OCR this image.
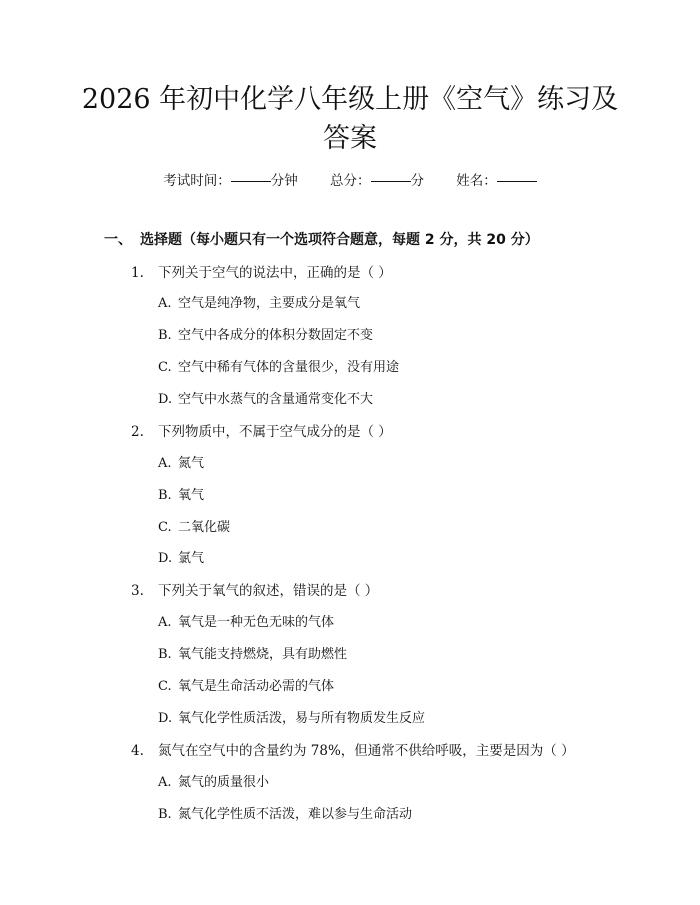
2026 年初中化学八年级上册《空气》练习及
答案
考试时间：	分钟 总分：	分 姓名：
一、 选择题（每小题只有一个选项符合题意，每题 2 分，共 20 分）
1. 下列关于空气的说法中，正确的是（ ）
A. 空气是纯净物，主要成分是氧气
B. 空气中各成分的体积分数固定不变
C. 空气中稀有气体的含量很少，没有用途
D. 空气中水蒸气的含量通常变化不大
2. 下列物质中，不属于空气成分的是（ ）
A. 氮气
B. 氧气
C. 二氧化碳
D. 氯气
3. 下列关于氧气的叙述，错误的是（ ）
A. 氧气是一种无色无味的气体
B. 氧气能支持燃烧，具有助燃性
C. 氧气是生命活动必需的气体
D. 氧气化学性质活泼，易与所有物质发生反应
4. 氮气在空气中的含量约为 78%，但通常不供给呼吸，主要是因为（ ）
A. 氮气的质量很小
B. 氮气化学性质不活泼，难以参与生命活动
